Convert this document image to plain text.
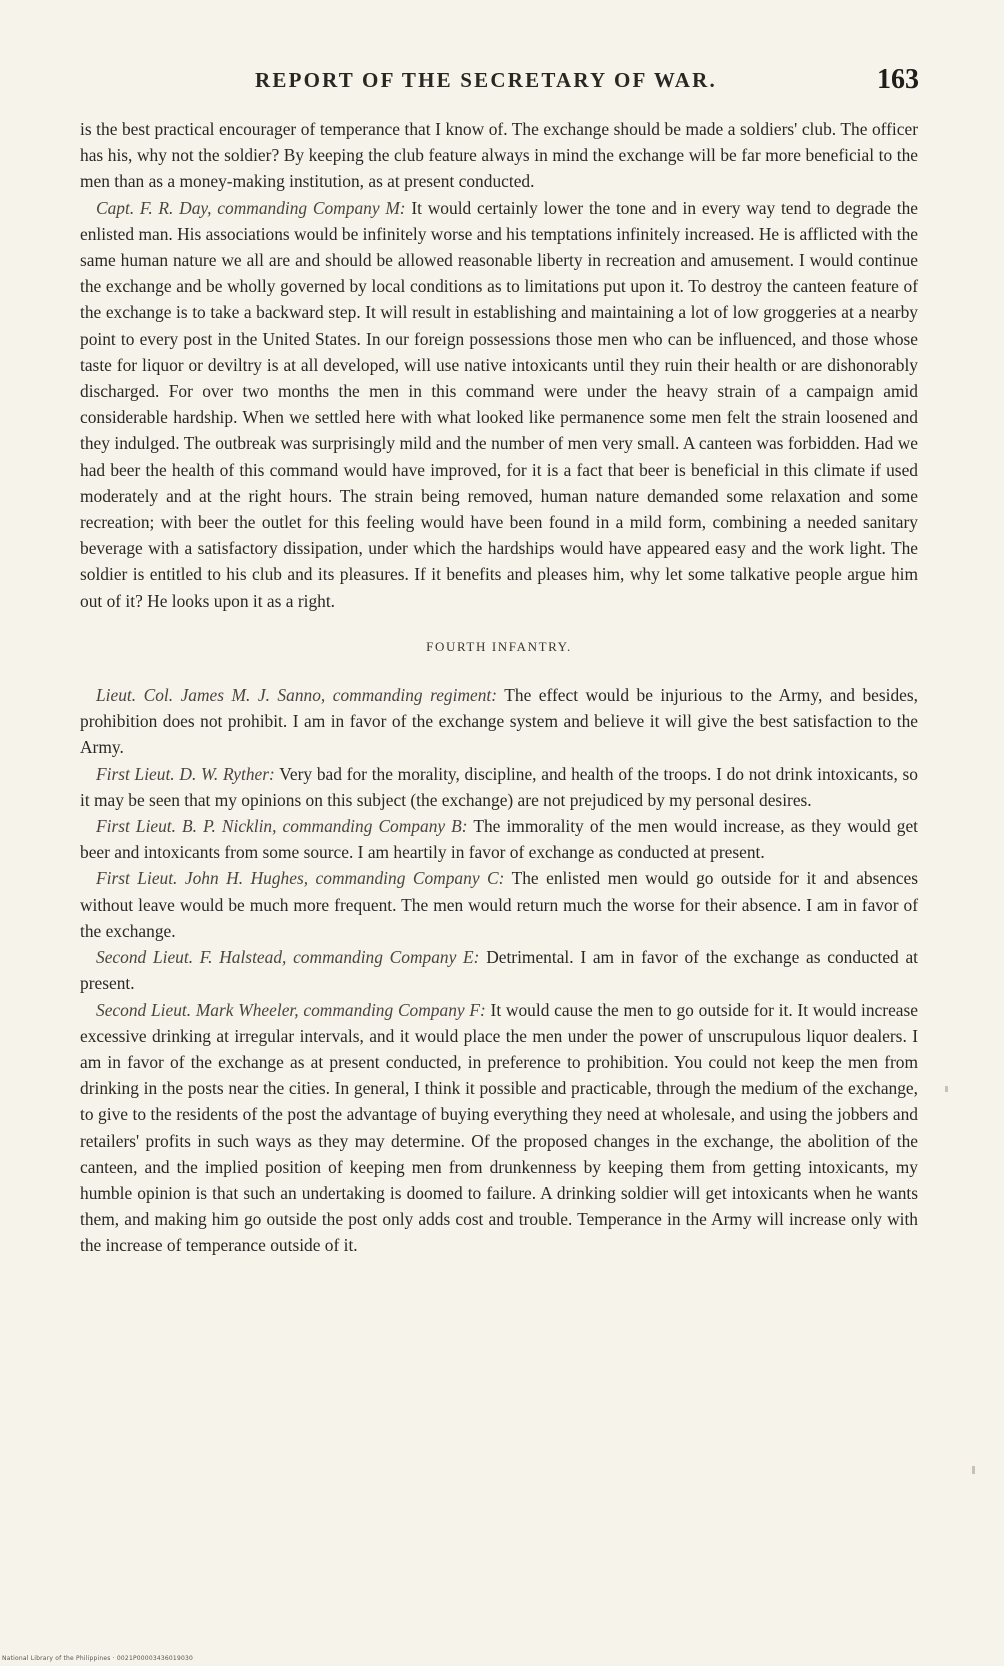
REPORT OF THE SECRETARY OF WAR.	163

is the best practical encourager of temperance that I know of. The exchange should be made a soldiers' club. The officer has his, why not the soldier? By keeping the club feature always in mind the exchange will be far more beneficial to the men than as a money-making institution, as at present conducted.

Capt. F. R. Day, commanding Company M: It would certainly lower the tone and in every way tend to degrade the enlisted man. His associations would be infinitely worse and his temptations infinitely increased. He is afflicted with the same human nature we all are and should be allowed reasonable liberty in recreation and amusement. I would continue the exchange and be wholly governed by local conditions as to limitations put upon it. To destroy the canteen feature of the exchange is to take a backward step. It will result in establishing and maintaining a lot of low groggeries at a nearby point to every post in the United States. In our foreign possessions those men who can be influenced, and those whose taste for liquor or deviltry is at all developed, will use native intoxicants until they ruin their health or are dishonorably discharged. For over two months the men in this command were under the heavy strain of a campaign amid considerable hardship. When we settled here with what looked like permanence some men felt the strain loosened and they indulged. The outbreak was surprisingly mild and the number of men very small. A canteen was forbidden. Had we had beer the health of this command would have improved, for it is a fact that beer is beneficial in this climate if used moderately and at the right hours. The strain being removed, human nature demanded some relaxation and some recreation; with beer the outlet for this feeling would have been found in a mild form, combining a needed sanitary beverage with a satisfactory dissipation, under which the hardships would have appeared easy and the work light. The soldier is entitled to his club and its pleasures. If it benefits and pleases him, why let some talkative people argue him out of it? He looks upon it as a right.

FOURTH INFANTRY.

Lieut. Col. James M. J. Sanno, commanding regiment: The effect would be injurious to the Army, and besides, prohibition does not prohibit. I am in favor of the exchange system and believe it will give the best satisfaction to the Army.

First Lieut. D. W. Ryther: Very bad for the morality, discipline, and health of the troops. I do not drink intoxicants, so it may be seen that my opinions on this subject (the exchange) are not prejudiced by my personal desires.

First Lieut. B. P. Nicklin, commanding Company B: The immorality of the men would increase, as they would get beer and intoxicants from some source. I am heartily in favor of exchange as conducted at present.

First Lieut. John H. Hughes, commanding Company C: The enlisted men would go outside for it and absences without leave would be much more frequent. The men would return much the worse for their absence. I am in favor of the exchange.

Second Lieut. F. Halstead, commanding Company E: Detrimental. I am in favor of the exchange as conducted at present.

Second Lieut. Mark Wheeler, commanding Company F: It would cause the men to go outside for it. It would increase excessive drinking at irregular intervals, and it would place the men under the power of unscrupulous liquor dealers. I am in favor of the exchange as at present conducted, in preference to prohibition. You could not keep the men from drinking in the posts near the cities. In general, I think it possible and practicable, through the medium of the exchange, to give to the residents of the post the advantage of buying everything they need at wholesale, and using the jobbers and retailers' profits in such ways as they may determine. Of the proposed changes in the exchange, the abolition of the canteen, and the implied position of keeping men from drunkenness by keeping them from getting intoxicants, my humble opinion is that such an undertaking is doomed to failure. A drinking soldier will get intoxicants when he wants them, and making him go outside the post only adds cost and trouble. Temperance in the Army will increase only with the increase of temperance outside of it.

National Library of the Philippines · 0021P00003436019030
